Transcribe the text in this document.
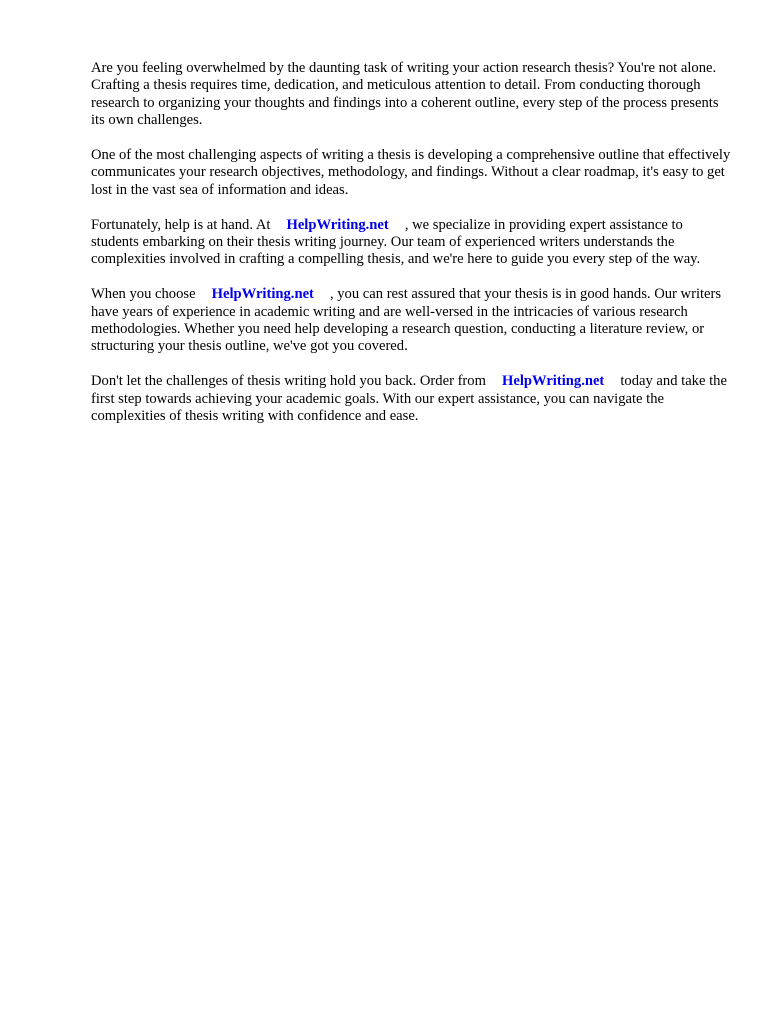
Are you feeling overwhelmed by the daunting task of writing your action research thesis? You're not alone. Crafting a thesis requires time, dedication, and meticulous attention to detail. From conducting thorough research to organizing your thoughts and findings into a coherent outline, every step of the process presents its own challenges.

One of the most challenging aspects of writing a thesis is developing a comprehensive outline that effectively communicates your research objectives, methodology, and findings. Without a clear roadmap, it's easy to get lost in the vast sea of information and ideas.

Fortunately, help is at hand. At HelpWriting.net , we specialize in providing expert assistance to students embarking on their thesis writing journey. Our team of experienced writers understands the complexities involved in crafting a compelling thesis, and we're here to guide you every step of the way.

When you choose HelpWriting.net , you can rest assured that your thesis is in good hands. Our writers have years of experience in academic writing and are well-versed in the intricacies of various research methodologies. Whether you need help developing a research question, conducting a literature review, or structuring your thesis outline, we've got you covered.

Don't let the challenges of thesis writing hold you back. Order from HelpWriting.net today and take the first step towards achieving your academic goals. With our expert assistance, you can navigate the complexities of thesis writing with confidence and ease.
